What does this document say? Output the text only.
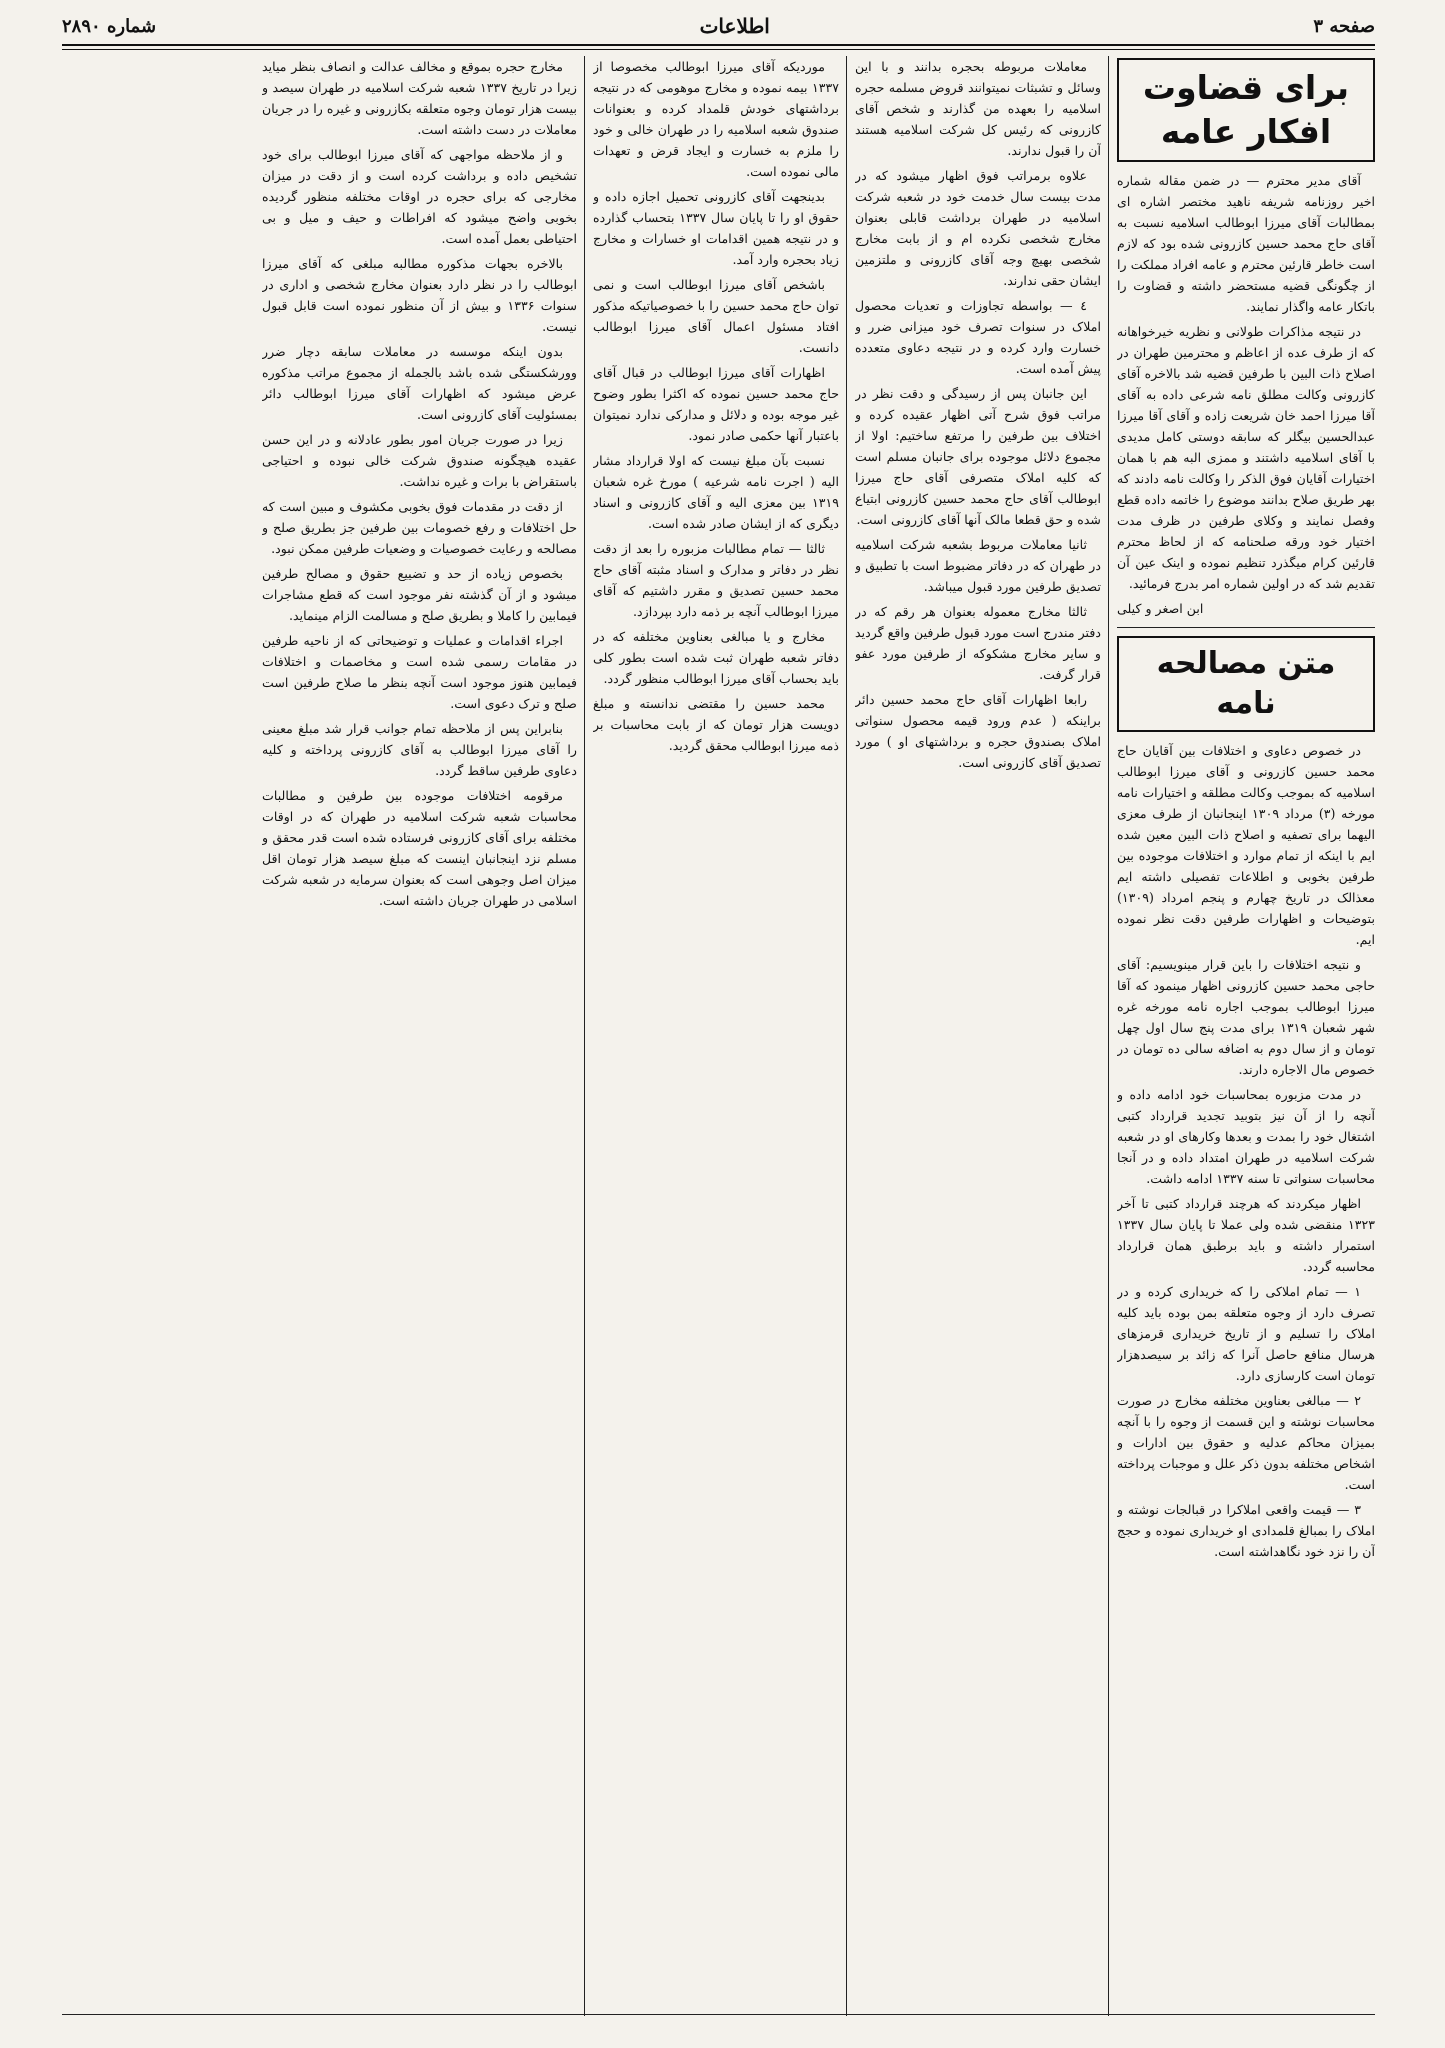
صفحه ۳
اطلاعات
شماره ۲۸۹۰
برای قضاوت افکار عامه

آقای مدیر محترم — در ضمن مقاله شماره اخیر روزنامه شریفه ناهید مختصر اشاره ای بمطالبات آقای میرزا ابوطالب اسلامیه نسبت به آقای حاج محمد حسین کازرونی شده بود که لازم است خاطر قارئین محترم و عامه افراد مملکت را از چگونگی قضیه مستحضر داشته و قضاوت را باتکار عامه واگذار نمایند.

در نتیجه مذاکرات طولانی و نظریه خیرخواهانه که از طرف عده از اعاظم و محترمین طهران در اصلاح ذات البین با طرفین قضیه شد بالاخره آقای کازرونی وکالت مطلق نامه شرعی داده به آقای آقا میرزا احمد خان شریعت زاده و آقای آقا میرزا عبدالحسین بیگلر که سابقه دوستی کامل مدیدی با آقای اسلامیه داشتند و ممزی البه هم با همان اختیارات آقایان فوق الذکر را وکالت نامه دادند که بهر طریق صلاح بدانند موضوع را خاتمه داده قطع وفصل نمایند و وکلای طرفین در ظرف مدت اختیار خود ورقه صلحنامه که از لحاظ محترم قارئین کرام میگذرد تنظیم نموده و اینک عین آن تقدیم شد که در اولین شماره امر بدرج فرمائید.

ابن اصغر و کیلی

متن مصالحه نامه

در خصوص دعاوی و اختلافات بین آقایان حاج محمد حسین کازرونی و آقای میرزا ابوطالب اسلامیه که بموجب وکالت مطلقه و اختیارات نامه مورخه (۳) مرداد ۱۳۰۹ اینجانبان از طرف معزی الیهما برای تصفیه و اصلاح ذات البین معین شده ایم با اینکه از تمام موارد و اختلافات موجوده بین طرفین بخوبی و اطلاعات تفصیلی داشته ایم معذالک در تاریخ چهارم و پنجم امرداد (۱۳۰۹) بتوضیحات و اظهارات طرفین دقت نظر نموده ایم.

و نتیجه اختلافات را باین قرار مینویسیم: آقای حاجی محمد حسین کازرونی اظهار مینمود که آقا میرزا ابوطالب بموجب اجاره نامه مورخه غره شهر شعبان ۱۳۱۹ برای مدت پنج سال اول چهل تومان و از سال دوم به اضافه سالی ده تومان در خصوص مال الاجاره دارند.

در مدت مزبوره بمحاسبات خود ادامه داده و آنچه را از آن نیز بتوبید تجدید قرارداد کتبی اشتغال خود را بمدت و بعدها وکارهای او در شعبه شرکت اسلامیه در طهران امتداد داده و در آنجا محاسبات سنواتی تا سنه ۱۳۳۷ ادامه داشت.

اظهار میکردند که هرچند قرارداد کتبی تا آخر ۱۳۲۳ منقضی شده ولی عملا تا پایان سال ۱۳۳۷ استمرار داشته و باید برطبق همان قرارداد محاسبه گردد.

۱ — تمام املاکی را که خریداری کرده و در تصرف دارد از وجوه متعلقه بمن بوده باید کلیه املاک را تسلیم و از تاریخ خریداری قرمزهای هرسال منافع حاصل آنرا که زائد بر سیصدهزار تومان است کارسازی دارد.

۲ — مبالغی بعناوین مختلفه مخارج در صورت محاسبات نوشته و این قسمت از وجوه را با آنچه بمیزان محاکم عدلیه و حقوق بین ادارات و اشخاص مختلفه بدون ذکر علل و موجبات پرداخته است.

۳ — قیمت واقعی املاکرا در قبالجات نوشته و املاک را بمبالغ قلمدادی او خریداری نموده و حجج آن را نزد خود نگاهداشته است.

معاملات مربوطه بحجره بدانند و با این وسائل و تشبثات نمیتوانند قروض مسلمه حجره اسلامیه را بعهده من گذارند و شخص آقای کازرونی که رئیس کل شرکت اسلامیه هستند آن را قبول ندارند.

علاوه برمراتب فوق اظهار میشود که در مدت بیست سال خدمت خود در شعبه شرکت اسلامیه در طهران برداشت قابلی بعنوان مخارج شخصی نکرده ام و از بابت مخارج شخصی بهیچ وجه آقای کازرونی و ملتزمین ایشان حقی ندارند.

٤ — بواسطه تجاوزات و تعدیات محصول املاک در سنوات تصرف خود میزانی ضرر و خسارت وارد کرده و در نتیجه دعاوی متعدده پیش آمده است.

این جانبان پس از رسیدگی و دقت نظر در مراتب فوق شرح آتی اظهار عقیده کرده و اختلاف بین طرفین را مرتفع ساختیم: اولا از مجموع دلائل موجوده برای جانبان مسلم است که کلیه املاک متصرفی آقای حاج میرزا ابوطالب آقای حاج محمد حسین کازرونی ابتیاع شده و حق قطعا مالک آنها آقای کازرونی است.

ثانیا معاملات مربوط بشعبه شرکت اسلامیه در طهران که در دفاتر مضبوط است با تطبیق و تصدیق طرفین مورد قبول میباشد.

ثالثا مخارج معموله بعنوان هر رقم که در دفتر مندرج است مورد قبول طرفین واقع گردید و سایر مخارج مشکوکه از طرفین مورد عفو قرار گرفت.

رابعا اظهارات آقای حاج محمد حسین دائر براینکه ( عدم ورود قیمه محصول سنواتی املاک بصندوق حجره و برداشتهای او ) مورد تصدیق آقای کازرونی است.

موردیکه آقای میرزا ابوطالب مخصوصا از ۱۳۳۷ بیمه نموده و مخارج موهومی که در نتیجه برداشتهای خودش قلمداد کرده و بعنوانات صندوق شعبه اسلامیه را در طهران خالی و خود را ملزم به خسارت و ایجاد قرض و تعهدات مالی نموده است.

بدینجهت آقای کازرونی تحمیل اجازه داده و حقوق او را تا پایان سال ۱۳۳۷ بتحساب گذارده و در نتیجه همین اقدامات او خسارات و مخارج زیاد بحجره وارد آمد.

باشخص آقای میرزا ابوطالب است و نمی توان حاج محمد حسین را با خصوصیاتیکه مذکور افتاد مسئول اعمال آقای میرزا ابوطالب دانست.

اظهارات آقای میرزا ابوطالب در قبال آقای حاج محمد حسین نموده که اکثرا بطور وضوح غیر موجه بوده و دلائل و مدارکی ندارد نمیتوان باعتبار آنها حکمی صادر نمود.

نسبت بآن مبلغ نیست که اولا قرارداد مشار الیه ( اجرت نامه شرعیه ) مورخ غره شعبان ۱۳۱۹ بین معزی الیه و آقای کازرونی و اسناد دیگری که از ایشان صادر شده است.

ثالثا — تمام مطالبات مزبوره را بعد از دقت نظر در دفاتر و مدارک و اسناد مثبته آقای حاج محمد حسین تصدیق و مقرر داشتیم که آقای میرزا ابوطالب آنچه بر ذمه دارد بپردازد.

مخارج و یا مبالغی بعناوین مختلفه که در دفاتر شعبه طهران ثبت شده است بطور کلی باید بحساب آقای میرزا ابوطالب منظور گردد.

محمد حسین را مقتضی ندانسته و مبلغ دویست هزار تومان که از بابت محاسبات بر ذمه میرزا ابوطالب محقق گردید.

مخارج حجره بموقع و مخالف عدالت و انصاف بنظر میاید زیرا در تاریخ ۱۳۳۷ شعبه شرکت اسلامیه در طهران سیصد و بیست هزار تومان وجوه متعلقه بکازرونی و غیره را در جریان معاملات در دست داشته است.

و از ملاحظه مواجهی که آقای میرزا ابوطالب برای خود تشخیص داده و برداشت کرده است و از دقت در میزان مخارجی که برای حجره در اوقات مختلفه منظور گردیده بخوبی واضح میشود که افراطات و حیف و میل و بی احتیاطی بعمل آمده است.

بالاخره بجهات مذکوره مطالبه مبلغی که آقای میرزا ابوطالب را در نظر دارد بعنوان مخارج شخصی و اداری در سنوات ۱۳۳۶ و بیش از آن منظور نموده است قابل قبول نیست.

بدون اینکه موسسه در معاملات سابقه دچار ضرر وورشکستگی شده باشد بالجمله از مجموع مراتب مذکوره عرض میشود که اظهارات آقای میرزا ابوطالب دائر بمسئولیت آقای کازرونی است.

زیرا در صورت جریان امور بطور عادلانه و در این حسن عقیده هیچگونه صندوق شرکت خالی نبوده و احتیاجی باستقراض با برات و غیره نداشت.

از دقت در مقدمات فوق بخوبی مکشوف و مبین است که حل اختلافات و رفع خصومات بین طرفین جز بطریق صلح و مصالحه و رعایت خصوصیات و وضعیات طرفین ممکن نبود.

بخصوص زیاده از حد و تضییع حقوق و مصالح طرفین میشود و از آن گذشته نفر موجود است که قطع مشاجرات فیمابین را کاملا و بطریق صلح و مسالمت الزام مینماید.

اجراء اقدامات و عملیات و توضیحاتی که از ناحیه طرفین در مقامات رسمی شده است و مخاصمات و اختلافات فیمابین هنوز موجود است آنچه بنظر ما صلاح طرفین است صلح و ترک دعوی است.

بنابراین پس از ملاحظه تمام جوانب قرار شد مبلغ معینی را آقای میرزا ابوطالب به آقای کازرونی پرداخته و کلیه دعاوی طرفین ساقط گردد.

مرقومه اختلافات موجوده بین طرفین و مطالبات محاسبات شعبه شرکت اسلامیه در طهران که در اوقات مختلفه برای آقای کازرونی فرستاده شده است قدر محقق و مسلم نزد اینجانبان اینست که مبلغ سیصد هزار تومان اقل میزان اصل وجوهی است که بعنوان سرمایه در شعبه شرکت اسلامی در طهران جریان داشته است.
